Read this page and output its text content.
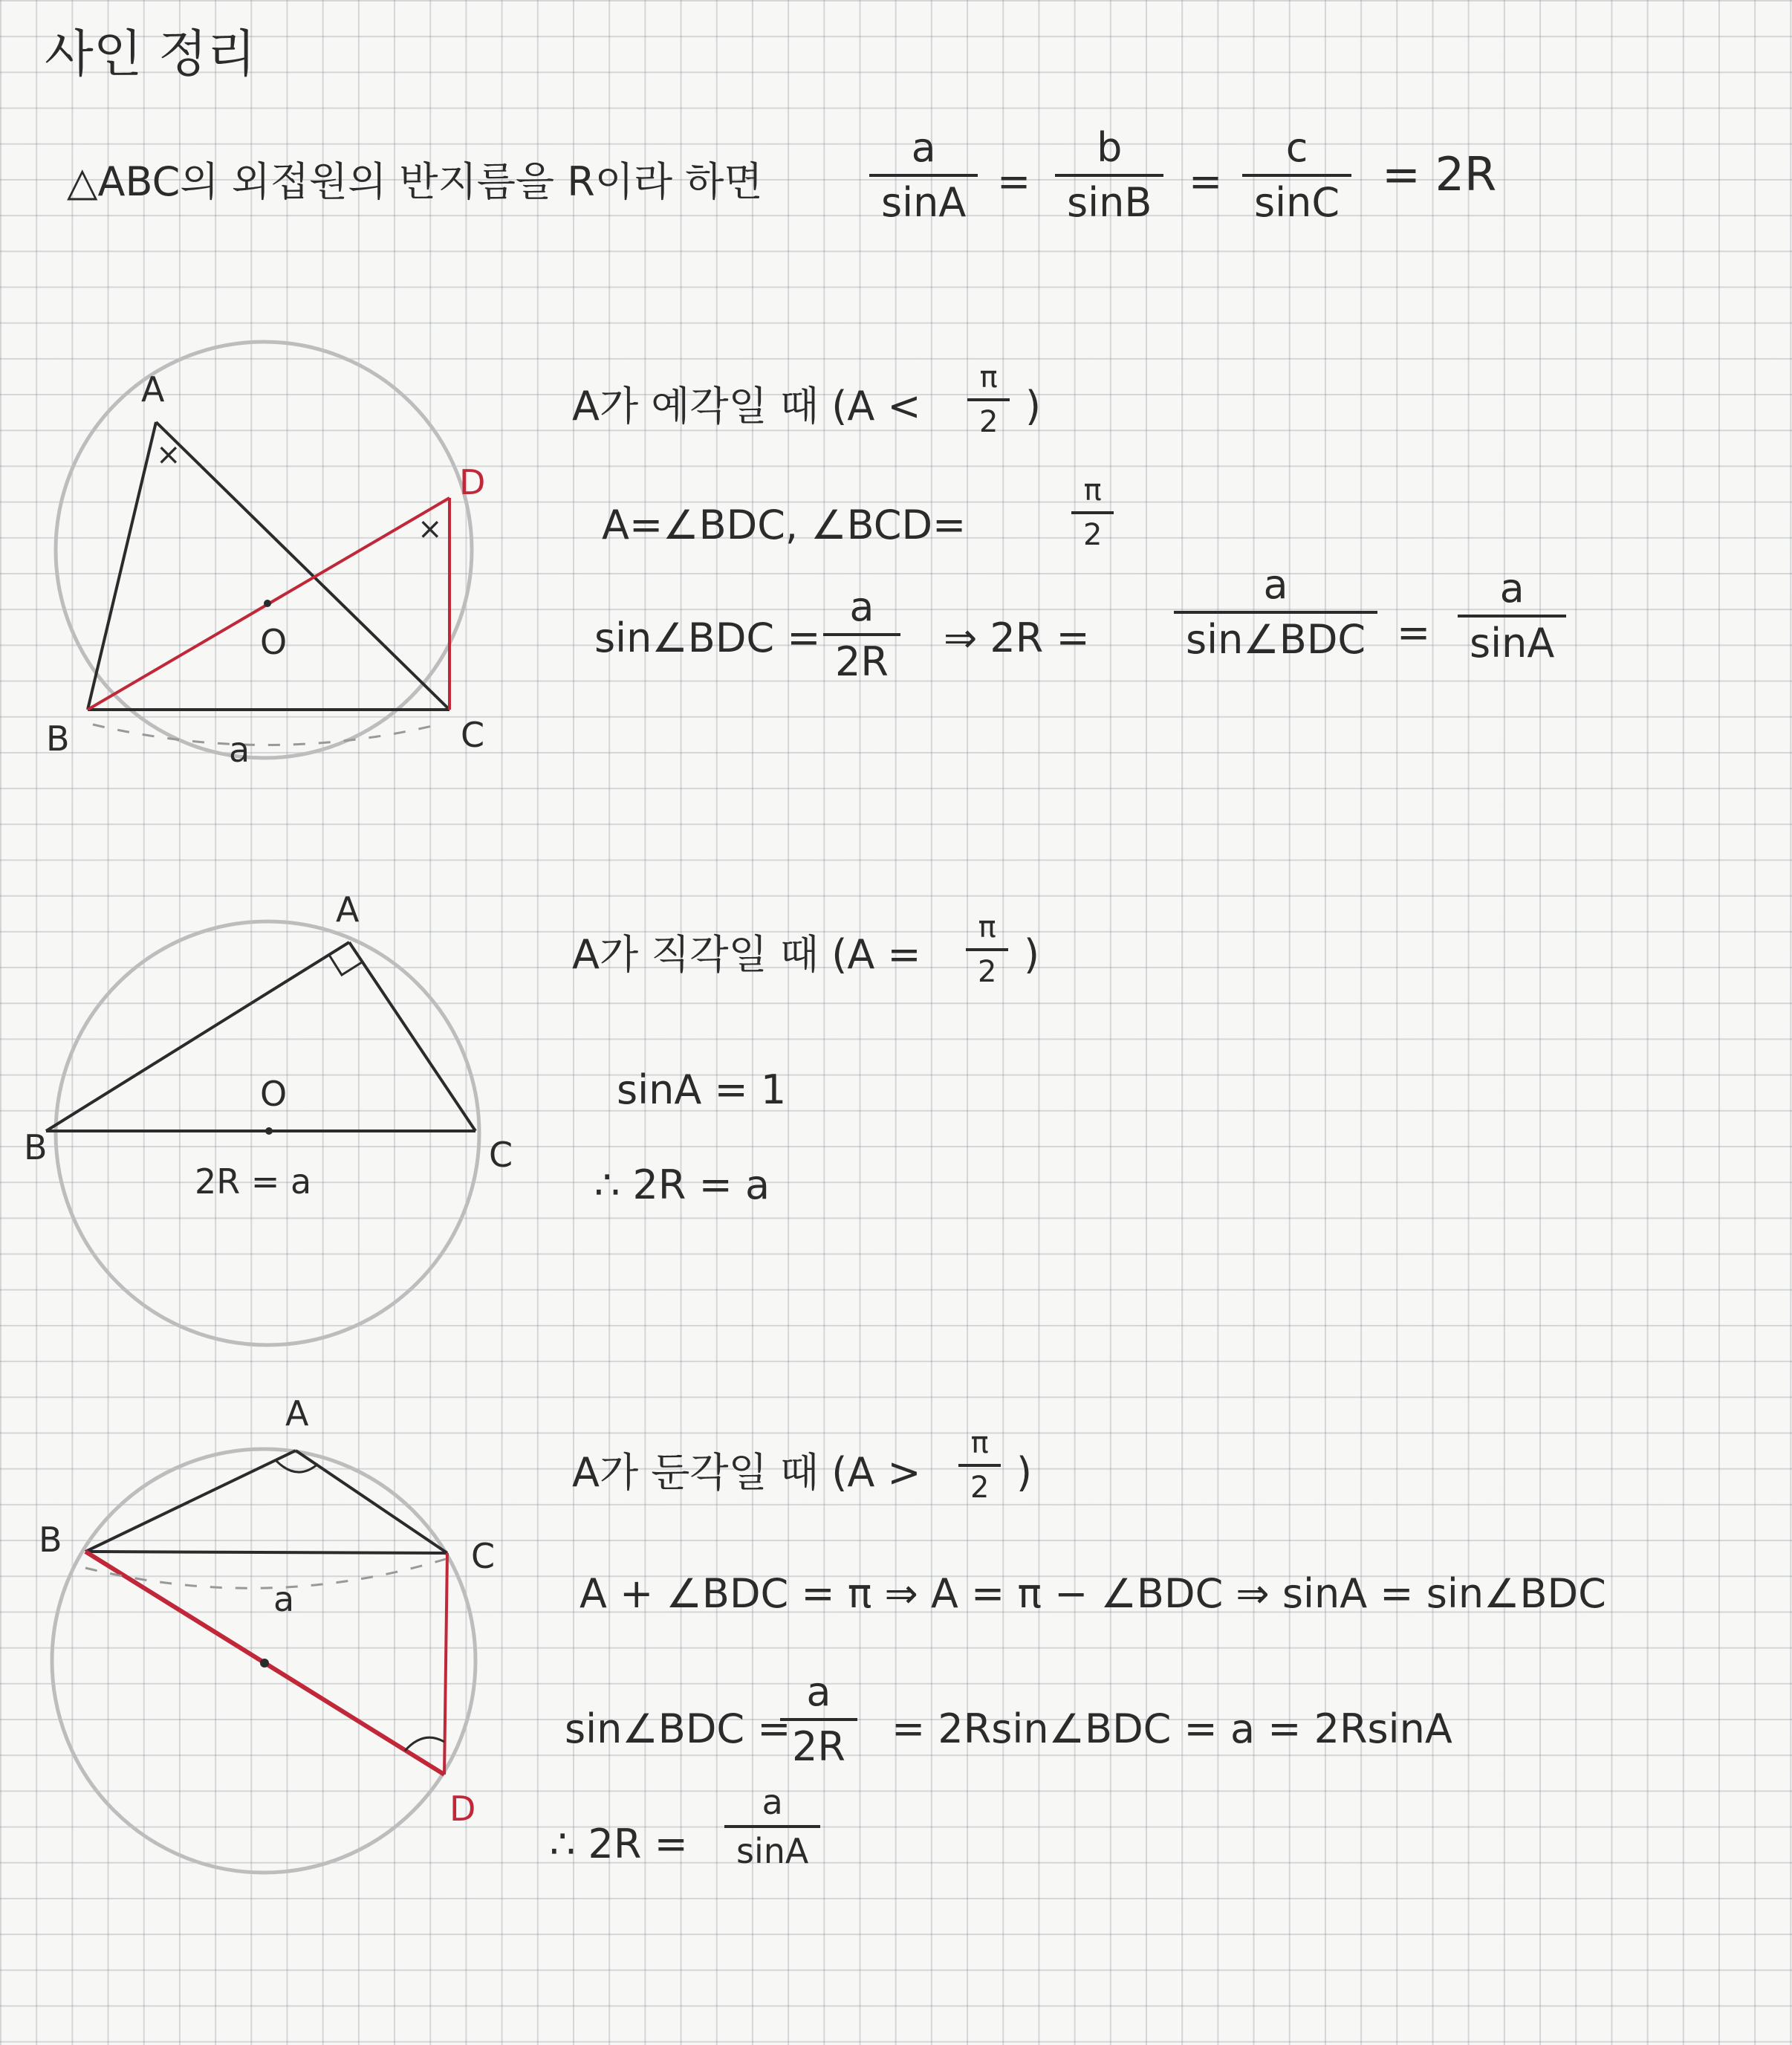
사인 정리
△ABC의 외접원의 반지름을 R이라 하면	$\frac{a}{\sin A} = \frac{b}{\sin B} = \frac{c}{\sin C} = 2R$
A
B	C
D
O
a
×
×
A
B	C
O
2R = a
A
B	C
D
a
A가 예각일 때 ($A < \frac{\pi}{2}$ )
A=∠BDC, ∠BCD=	$\frac{\pi}{2}$
sin∠BDC = $\frac{a}{2R}$ ⇒ 2R =
a
sin∠BDC = $\frac{a}{\sin A}$
A가 직각일 때 ($A = \frac{\pi}{2}$ )
sinA = 1
∴ 2R = a
A가 둔각일 때 ($A > \frac{\pi}{2}$ )
A + ∠BDC = π ⇒ A = π − ∠BDC ⇒ sinA = sin∠BDC
sin∠BDC =
$\frac{a}{2R}$ = 2Rsin∠BDC = a = 2RsinA
∴ $2R = \frac{a}{\sin A}$
